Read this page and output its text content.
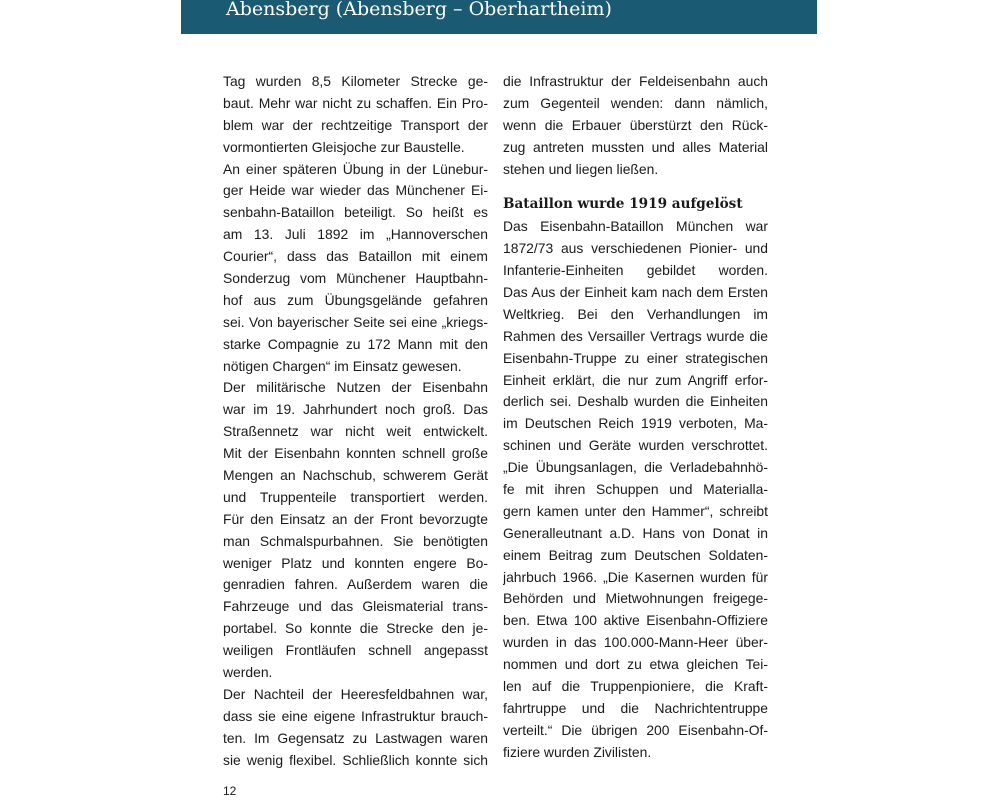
Abensberg (Abensberg – Oberhartheim)
Tag wurden 8,5 Kilometer Strecke ge-
baut. Mehr war nicht zu schaffen. Ein Pro-
blem war der rechtzeitige Transport der
vormontierten Gleisjoche zur Baustelle.
An einer späteren Übung in der Lünebur-
ger Heide war wieder das Münchener Ei-
senbahn-Bataillon beteiligt. So heißt es
am 13. Juli 1892 im „Hannoverschen
Courier“, dass das Bataillon mit einem
Sonderzug vom Münchener Hauptbahn-
hof aus zum Übungsgelände gefahren
sei. Von bayerischer Seite sei eine „kriegs-
starke Compagnie zu 172 Mann mit den
nötigen Chargen“ im Einsatz gewesen.
Der militärische Nutzen der Eisenbahn
war im 19. Jahrhundert noch groß. Das
Straßennetz war nicht weit entwickelt.
Mit der Eisenbahn konnten schnell große
Mengen an Nachschub, schwerem Gerät
und Truppenteile transportiert werden.
Für den Einsatz an der Front bevorzugte
man Schmalspurbahnen. Sie benötigten
weniger Platz und konnten engere Bo-
genradien fahren. Außerdem waren die
Fahrzeuge und das Gleismaterial trans-
portabel. So konnte die Strecke den je-
weiligen Frontläufen schnell angepasst
werden.
Der Nachteil der Heeresfeldbahnen war,
dass sie eine eigene Infrastruktur brauch-
ten. Im Gegensatz zu Lastwagen waren
sie wenig flexibel. Schließlich konnte sich
die Infrastruktur der Feldeisenbahn auch
zum Gegenteil wenden: dann nämlich,
wenn die Erbauer überstürzt den Rück-
zug antreten mussten und alles Material
stehen und liegen ließen.
Bataillon wurde 1919 aufgelöst
Das Eisenbahn-Bataillon München war
1872/73 aus verschiedenen Pionier- und
Infanterie-Einheiten gebildet worden.
Das Aus der Einheit kam nach dem Ersten
Weltkrieg. Bei den Verhandlungen im
Rahmen des Versailler Vertrags wurde die
Eisenbahn-Truppe zu einer strategischen
Einheit erklärt, die nur zum Angriff erfor-
derlich sei. Deshalb wurden die Einheiten
im Deutschen Reich 1919 verboten, Ma-
schinen und Geräte wurden verschrottet.
„Die Übungsanlagen, die Verladebahnhö-
fe mit ihren Schuppen und Materialla-
gern kamen unter den Hammer“, schreibt
Generalleutnant a.D. Hans von Donat in
einem Beitrag zum Deutschen Soldaten-
jahrbuch 1966. „Die Kasernen wurden für
Behörden und Mietwohnungen freigege-
ben. Etwa 100 aktive Eisenbahn-Offiziere
wurden in das 100.000-Mann-Heer über-
nommen und dort zu etwa gleichen Tei-
len auf die Truppenpioniere, die Kraft-
fahrtruppe und die Nachrichtentruppe
verteilt.“ Die übrigen 200 Eisenbahn-Of-
fiziere wurden Zivilisten.
12
